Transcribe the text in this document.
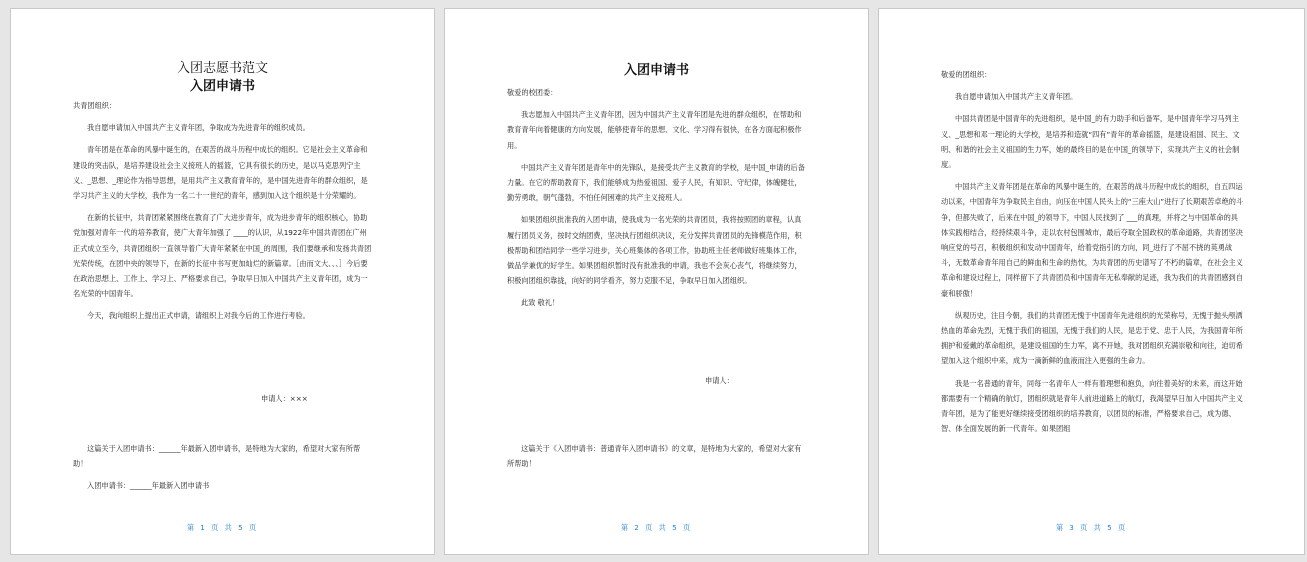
入团志愿书范文
入团申请书

共青团组织：

我自愿申请加入中国共产主义青年团，争取成为先进青年的组织成员。

青年团是在革命的风暴中诞生的，在艰苦的战斗历程中成长的组织。它是社会主义革命和建设的突击队，是培养建设社会主义接班人的摇篮，它具有很长的历史，是以马克思列宁主义、_思想、_理论作为指导思想，是用共产主义教育青年的，是中国先进青年的群众组织，是学习共产主义的大学校，我作为一名二十一世纪的青年，感到加入这个组织是十分荣耀的。

在新的长征中，共青团紧紧围绕在教育了广大进步青年，成为进步青年的组织核心，协助党加强对青年一代的培养教育，使广大青年加强了 ____的认识，从1922年中国共青团在广州正式成立至今，共青团组织一直领导着广大青年紧紧在中国_的周围，我们要继承和发扬共青团光荣传统，在团中央的领导下，在新的长征中书写更加灿烂的新篇章。［由而文大、、、］今后要在政治思想上、工作上、学习上、严格要求自己，争取早日加入中国共产主义青年团，成为一名光荣的中国青年。

今天，我向组织上提出正式申请，请组织上对我今后的工作进行考验。

申请人：×××

这篇关于入团申请书：______年最新入团申请书，是特地为大家的，希望对大家有所帮助！

入团申请书：______年最新入团申请书

第 1 页 共 5 页
入团申请书

敬爱的校团委：

我志愿加入中国共产主义青年团，因为中国共产主义青年团是先进的群众组织，在帮助和教育青年向着健康的方向发展，能够使青年的思想、文化、学习得有很快，在各方面起积极作用。

中国共产主义青年团是青年中的先锋队，是接受共产主义教育的学校，是中国_申请的后备力量。在它的帮助教育下，我们能够成为热爱祖国、爱子人民，有知识、守纪律，体魄健壮，勤劳勇敢，朝气蓬勃，不怕任何困难的共产主义接班人。

如果团组织批准我的入团申请，使我成为一名光荣的共青团员，我将按照团的章程，认真履行团员义务，按时交纳团费，坚决执行团组织决议，充分发挥共青团员的先锋模范作用，积极帮助和团结同学一些学习进步，关心班集体的各项工作，协助班主任老师做好班集体工作，做品学兼优的好学生。如果团组织暂时没有批准我的申请，我也不会灰心丧气，将继续努力，积极向团组织靠拢，向好的同学看齐，努力克服不足，争取早日加入团组织。

此致 敬礼！

申请人：

这篇关于《入团申请书：普通青年入团申请书》的文章，是特地为大家的，希望对大家有所帮助！

第 2 页 共 5 页

敬爱的团组织：

我自愿申请加入中国共产主义青年团。

中国共青团是中国青年的先进组织，是中国_的有力助手和后备军，是中国青年学习马列主义、_思想和邓一理论的大学校，是培养和造就“四有”青年的革命摇篮，是建设祖国、民主、文明、和谐的社会主义祖国的生力军，她的最终目的是在中国_的领导下，实现共产主义的社会制度。

中国共产主义青年团是在革命的风暴中诞生的，在艰苦的战斗历程中成长的组织，自五四运动以来，中国青年为争取民主自由，向压在中国人民头上的“三座大山”进行了长期艰苦卓绝的斗争，但都失败了，后来在中国_的领导下，中国人民找到了 ___的真理，并将之与中国革命的具体实践相结合，经持续艰斗争，走以农村包围城市，最后夺取全国政权的革命道路，共青团坚决响应党的号召，积极组织和发动中国青年，给着党指引的方向，同_进行了不屈不挠的英勇战斗，无数革命青年用自己的鲜血和生命的热忱，为共青团的历史谱写了不朽的篇章，在社会主义革命和建设过程上，同样留下了共青团员和中国青年无私奉献的足迹，我为我们的共青团感到自豪和骄傲！

纵观历史，注目今朝，我们的共青团无愧于中国青年先进组织的光荣称号，无愧于抛头颅洒热血的革命先烈，无愧于我们的祖国，无愧于我们的人民，是忠于党、忠于人民，为我国青年所拥护和爱戴的革命组织，是建设祖国的生力军，离不开她，我对团组织充满崇敬和向往，迫切希望加入这个组织中来，成为一滴新鲜的血液而注入更强的生命力。

我是一名普通的青年，同每一名青年人一样有着理想和抱负，向往着美好的未来，而这开始都需要有一个精确的航灯，团组织就是青年人前进道路上的航灯，我渴望早日加入中国共产主义青年团，是为了能更好继续接受团组织的培养教育，以团员的标准，严格要求自己，成为德、智、体全面发展的新一代青年。如果团组

第 3 页 共 5 页
